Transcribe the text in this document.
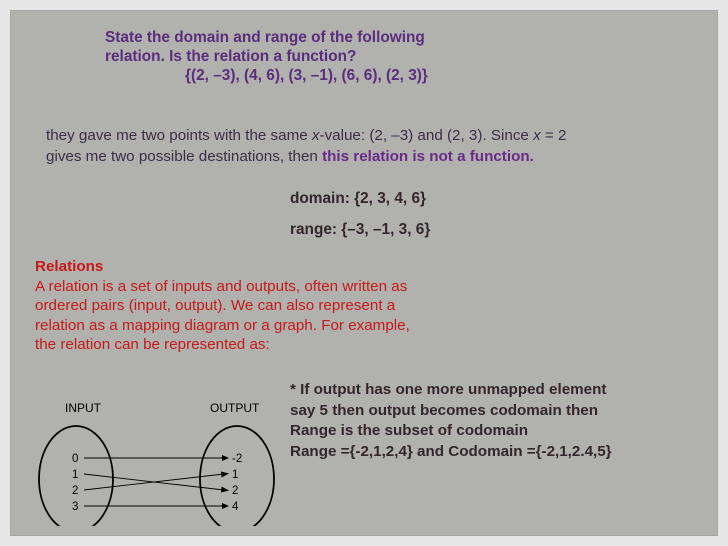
State the domain and range of the following
relation. Is the relation a function?
{(2, –3), (4, 6), (3, –1), (6, 6), (2, 3)}
they gave me two points with the same x-value: (2, –3) and (2, 3). Since x = 2 gives me two possible destinations, then this relation is not a function.
domain: {2, 3, 4, 6}
range: {–3, –1, 3, 6}
Relations
A relation is a set of inputs and outputs, often written as ordered pairs (input, output). We can also represent a relation as a mapping diagram or a graph. For example, the relation can be represented as:
* If output has one more unmapped element
say 5 then output becomes codomain then
Range is the subset of codomain
Range ={-2,1,2,4} and Codomain ={-2,1,2.4,5}
INPUT	OUTPUT
0
1
2
3
-2
1
2
4
